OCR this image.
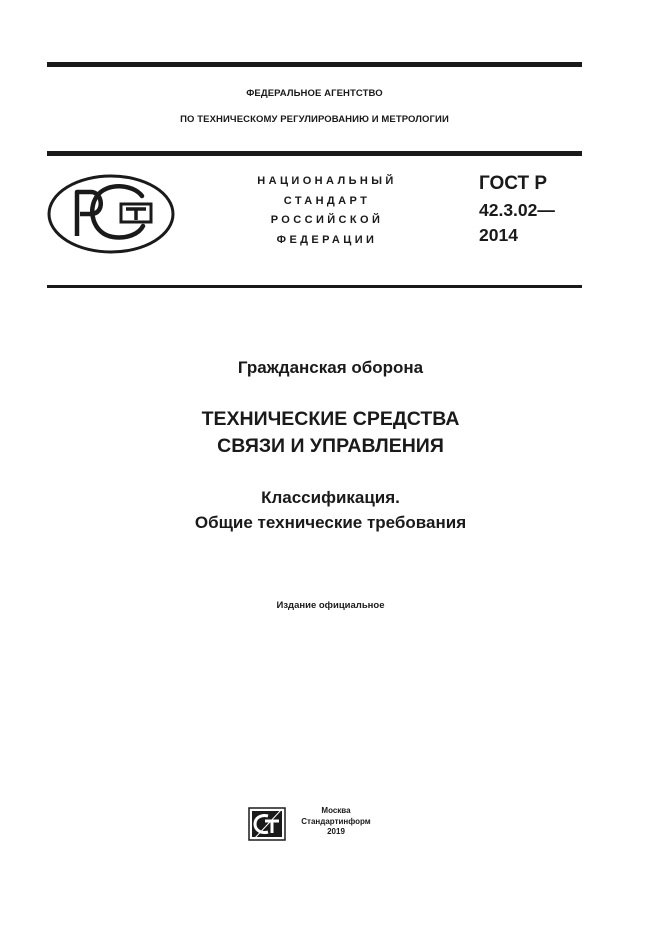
ФЕДЕРАЛЬНОЕ АГЕНТСТВО
ПО ТЕХНИЧЕСКОМУ РЕГУЛИРОВАНИЮ И МЕТРОЛОГИИ
НАЦИОНАЛЬНЫЙ
СТАНДАРТ
РОССИЙСКОЙ
ФЕДЕРАЦИИ
ГОСТ Р
42.3.02—
2014
Гражданская оборона
ТЕХНИЧЕСКИЕ СРЕДСТВА
СВЯЗИ И УПРАВЛЕНИЯ
Классификация.
Общие технические требования
Издание официальное
Москва
Стандартинформ
2019
